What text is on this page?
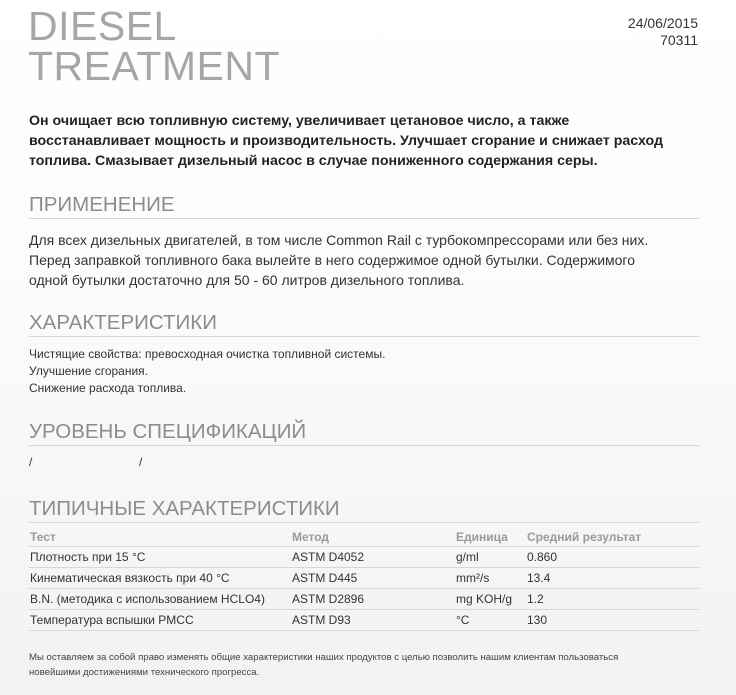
DIESEL
TREATMENT
24/06/2015
70311
Он очищает всю топливную систему, увеличивает цетановое число, а также
восстанавливает мощность и производительность. Улучшает сгорание и снижает расход
топлива. Смазывает дизельный насос в случае пониженного содержания серы.
ПРИМЕНЕНИЕ
Для всех дизельных двигателей, в том числе Common Rail с турбокомпрессорами или без них.
Перед заправкой топливного бака вылейте в него содержимое одной бутылки. Содержимого
одной бутылки достаточно для 50 - 60 литров дизельного топлива.
ХАРАКТЕРИСТИКИ
Чистящие свойства: превосходная очистка топливной системы.
Улучшение сгорания.
Снижение расхода топлива.
УРОВЕНЬ СПЕЦИФИКАЦИЙ
/	/
ТИПИЧНЫЕ ХАРАКТЕРИСТИКИ
Тест	Метод	Единица	Средний результат
Плотность при 15 °C	ASTM D4052	g/ml	0.860
Кинематическая вязкость при 40 °C	ASTM D445	mm²/s	13.4
B.N. (методика с использованием HCLO4)	ASTM D2896	mg KOH/g	1.2
Температура вспышки PMCC	ASTM D93	°C	130
Мы оставляем за собой право изменять общие характеристики наших продуктов с целью позволить нашим клиентам пользоваться
новейшими достижениями технического прогресса.
